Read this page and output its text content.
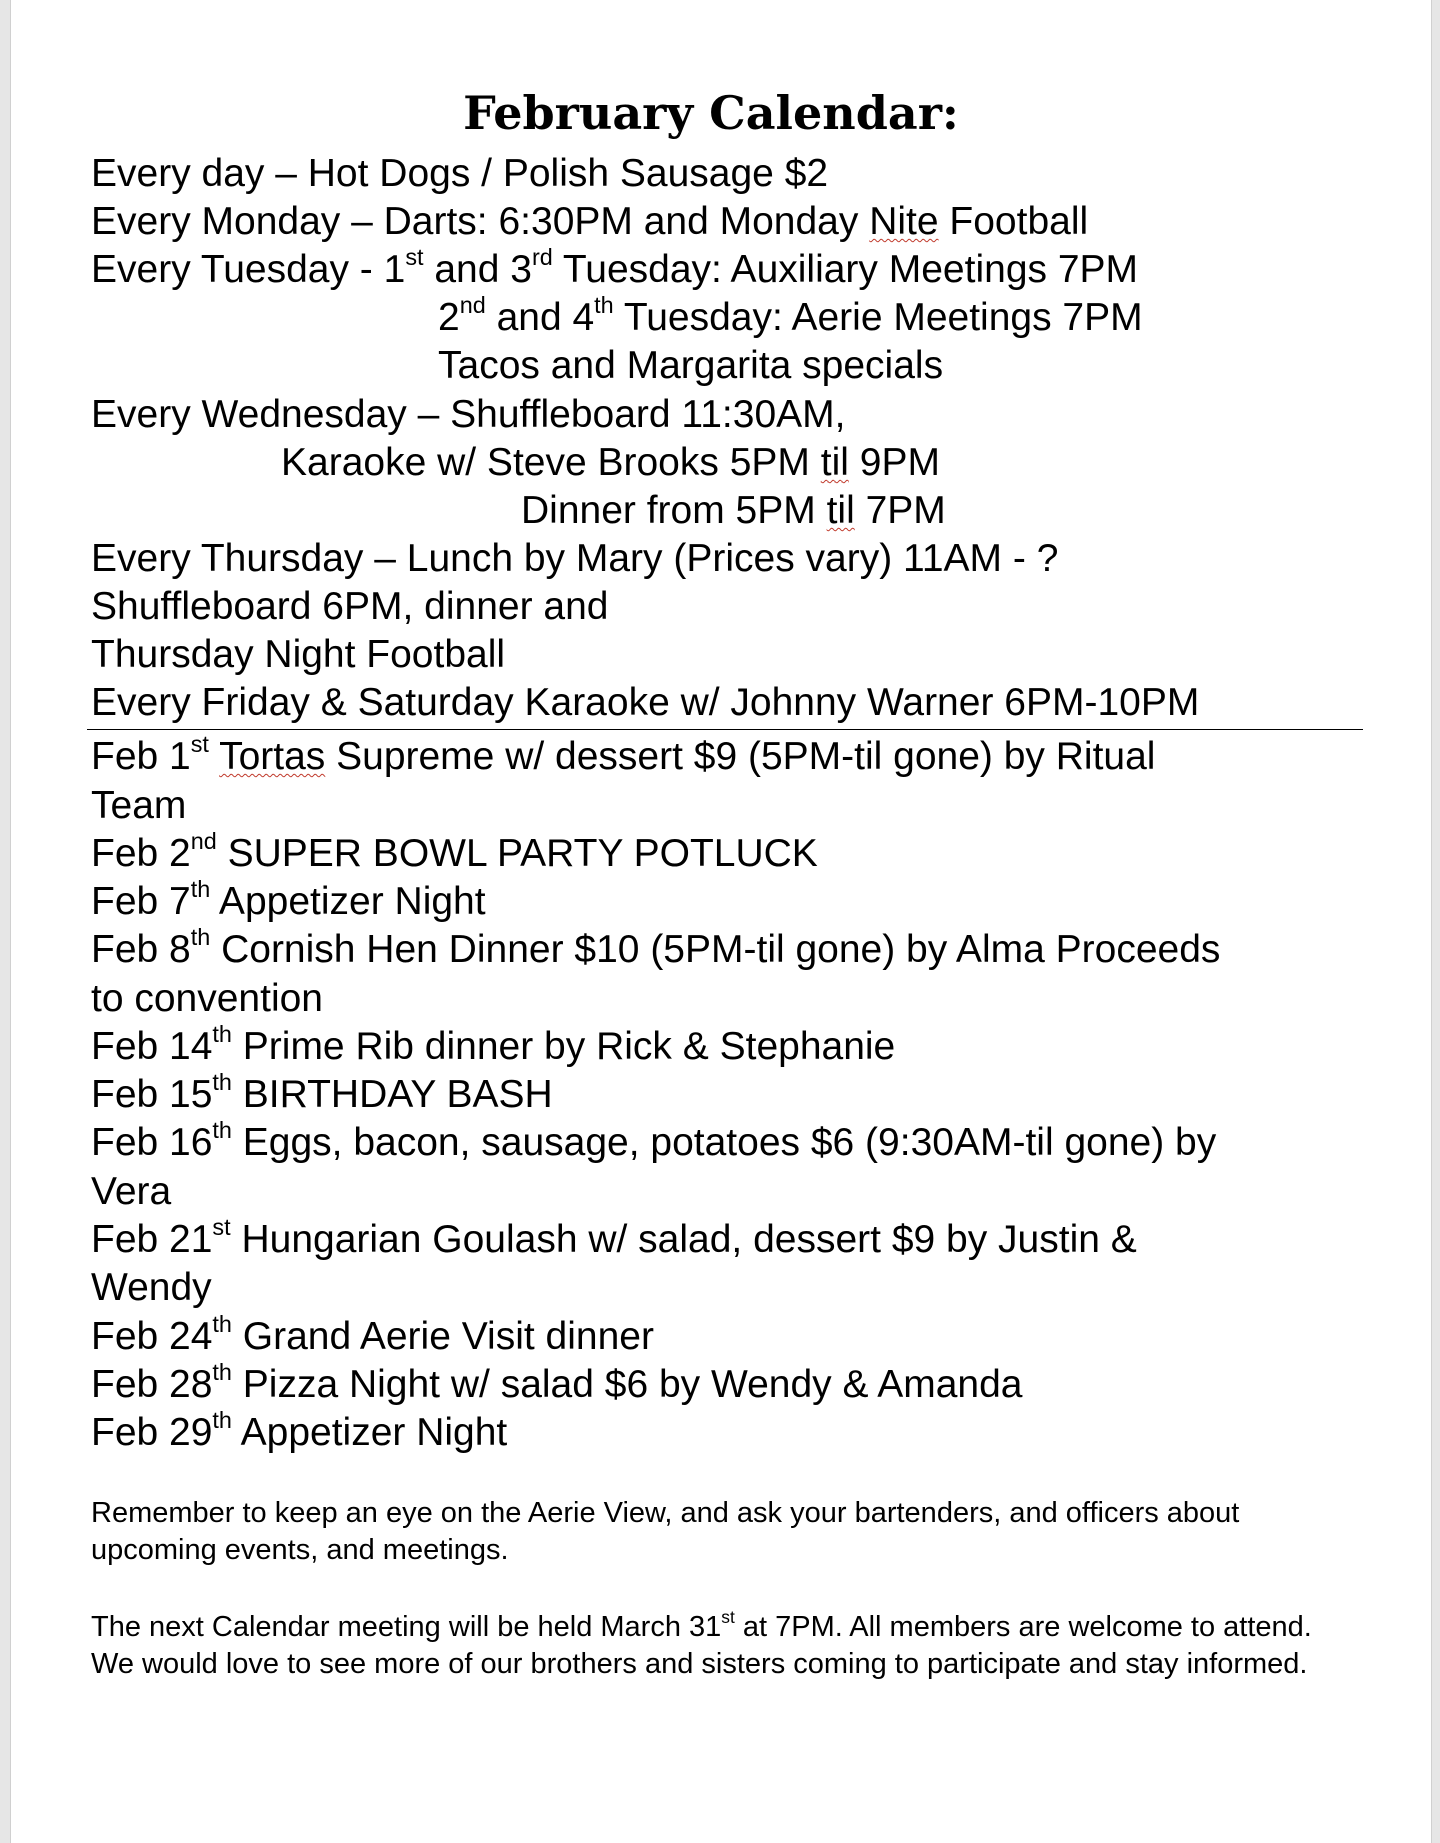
February Calendar:
Every day – Hot Dogs / Polish Sausage $2
Every Monday – Darts: 6:30PM and Monday Nite Football
Every Tuesday - 1st and 3rd Tuesday: Auxiliary Meetings 7PM
2nd and 4th Tuesday: Aerie Meetings 7PM
Tacos and Margarita specials
Every Wednesday – Shuffleboard 11:30AM,
Karaoke w/ Steve Brooks 5PM til 9PM
Dinner from 5PM til 7PM
Every Thursday – Lunch by Mary (Prices vary) 11AM - ?
Shuffleboard 6PM, dinner and
Thursday Night Football
Every Friday & Saturday Karaoke w/ Johnny Warner 6PM-10PM
Feb 1st Tortas Supreme w/ dessert $9 (5PM-til gone) by Ritual
Team
Feb 2nd SUPER BOWL PARTY POTLUCK
Feb 7th Appetizer Night
Feb 8th Cornish Hen Dinner $10 (5PM-til gone) by Alma Proceeds
to convention
Feb 14th Prime Rib dinner by Rick & Stephanie
Feb 15th BIRTHDAY BASH
Feb 16th Eggs, bacon, sausage, potatoes $6 (9:30AM-til gone) by
Vera
Feb 21st Hungarian Goulash w/ salad, dessert $9 by Justin &
Wendy
Feb 24th Grand Aerie Visit dinner
Feb 28th Pizza Night w/ salad $6 by Wendy & Amanda
Feb 29th Appetizer Night
Remember to keep an eye on the Aerie View, and ask your bartenders, and officers about upcoming events, and meetings.
The next Calendar meeting will be held March 31st at 7PM. All members are welcome to attend. We would love to see more of our brothers and sisters coming to participate and stay informed.
